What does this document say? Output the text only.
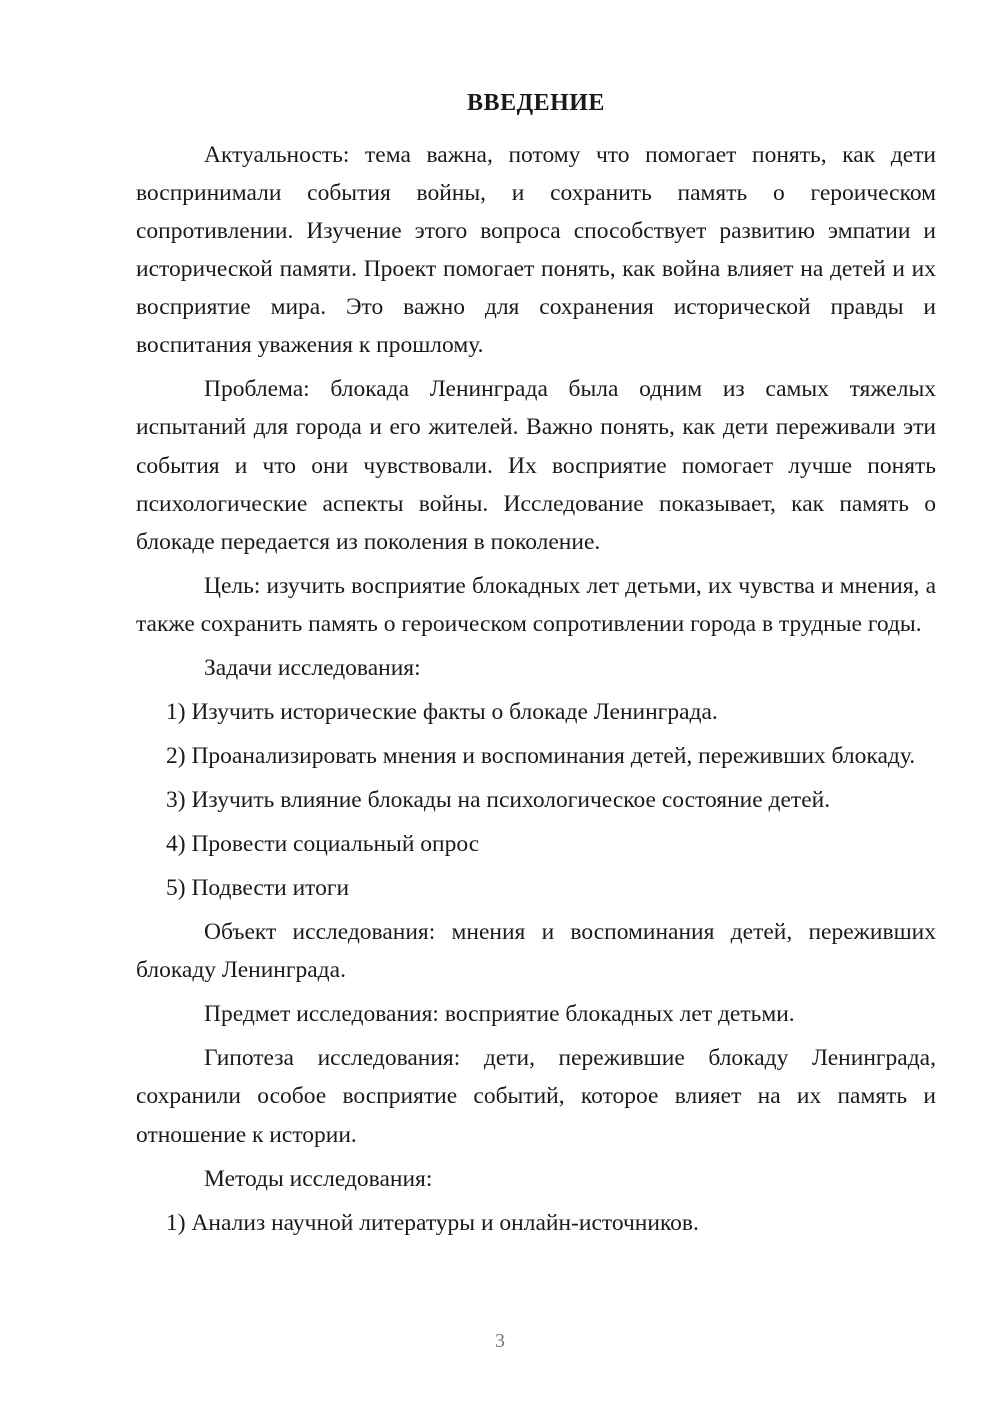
ВВЕДЕНИЕ

Актуальность: тема важна, потому что помогает понять, как дети воспринимали события войны, и сохранить память о героическом сопротивлении. Изучение этого вопроса способствует развитию эмпатии и исторической памяти. Проект помогает понять, как война влияет на детей и их восприятие мира. Это важно для сохранения исторической правды и воспитания уважения к прошлому.

Проблема: блокада Ленинграда была одним из самых тяжелых испытаний для города и его жителей. Важно понять, как дети переживали эти события и что они чувствовали. Их восприятие помогает лучше понять психологические аспекты войны. Исследование показывает, как память о блокаде передается из поколения в поколение.

Цель: изучить восприятие блокадных лет детьми, их чувства и мнения, а также сохранить память о героическом сопротивлении города в трудные годы.

Задачи исследования:

1) Изучить исторические факты о блокаде Ленинграда.

2) Проанализировать мнения и воспоминания детей, переживших блокаду.

3) Изучить влияние блокады на психологическое состояние детей.

4) Провести социальный опрос

5) Подвести итоги

Объект исследования: мнения и воспоминания детей, переживших блокаду Ленинграда.

Предмет исследования: восприятие блокадных лет детьми.

Гипотеза исследования: дети, пережившие блокаду Ленинграда, сохранили особое восприятие событий, которое влияет на их память и отношение к истории.

Методы исследования:

1) Анализ научной литературы и онлайн-источников.

3
